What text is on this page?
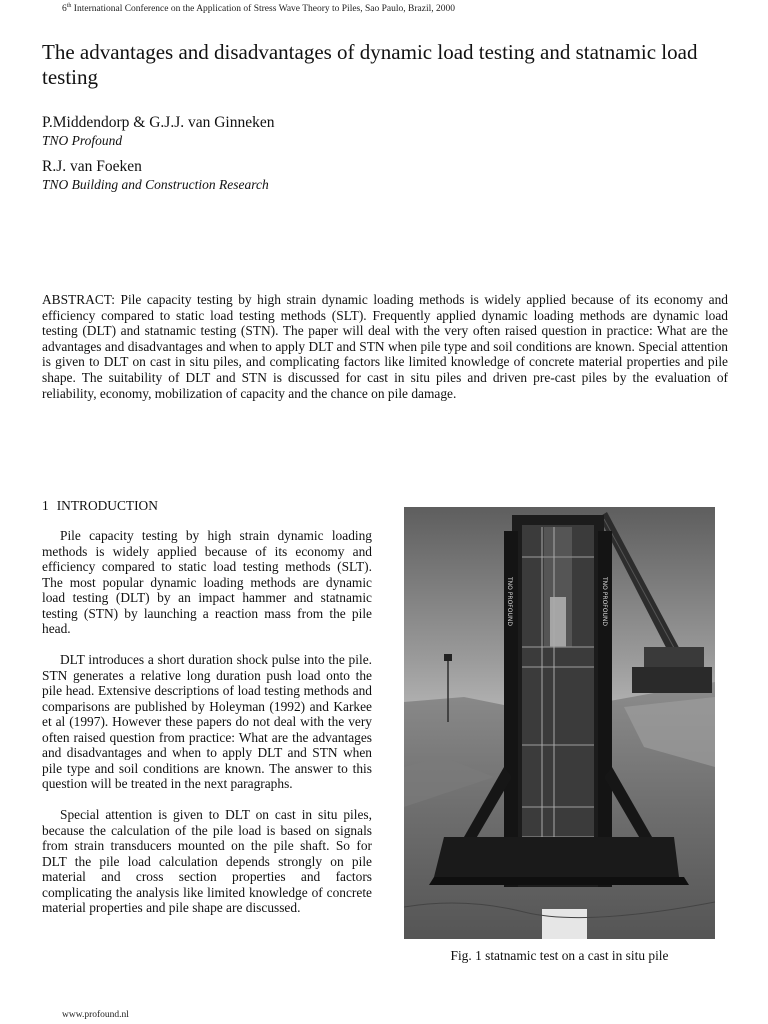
6th International Conference on the Application of Stress Wave Theory to Piles, Sao Paulo, Brazil, 2000
The advantages and disadvantages of dynamic load testing and statnamic load testing
P.Middendorp & G.J.J. van Ginneken
TNO Profound
R.J. van Foeken
TNO Building and Construction Research

ABSTRACT: Pile capacity testing by high strain dynamic loading methods is widely applied because of its economy and efficiency compared to static load testing methods (SLT). Frequently applied dynamic loading methods are dynamic load testing (DLT) and statnamic testing (STN). The paper will deal with the very often raised question in practice: What are the advantages and disadvantages and when to apply DLT and STN when pile type and soil conditions are known. Special attention is given to DLT on cast in situ piles, and complicating factors like limited knowledge of concrete material properties and pile shape. The suitability of DLT and STN is discussed for cast in situ piles and driven pre-cast piles by the evaluation of reliability, economy, mobilization of capacity and the chance on pile damage.

1 INTRODUCTION

Pile capacity testing by high strain dynamic loading methods is widely applied because of its economy and efficiency compared to static load testing methods (SLT). The most popular dynamic loading methods are dynamic load testing (DLT) by an impact hammer and statnamic testing (STN) by launching a reaction mass from the pile head.

DLT introduces a short duration shock pulse into the pile. STN generates a relative long duration push load onto the pile head. Extensive descriptions of load testing methods and comparisons are published by Holeyman (1992) and Karkee et al (1997). However these papers do not deal with the very often raised question from practice: What are the advantages and disadvantages and when to apply DLT and STN when pile type and soil conditions are known. The answer to this question will be treated in the next paragraphs.

Special attention is given to DLT on cast in situ piles, because the calculation of the pile load is based on signals from strain transducers mounted on the pile shaft. So for DLT the pile load calculation depends strongly on pile material and cross section properties and factors complicating the analysis like limited knowledge of concrete material properties and pile shape are discussed.

TNO PROFOUND	TNO PROFOUND
Fig. 1 statnamic test on a cast in situ pile
www.profound.nl
